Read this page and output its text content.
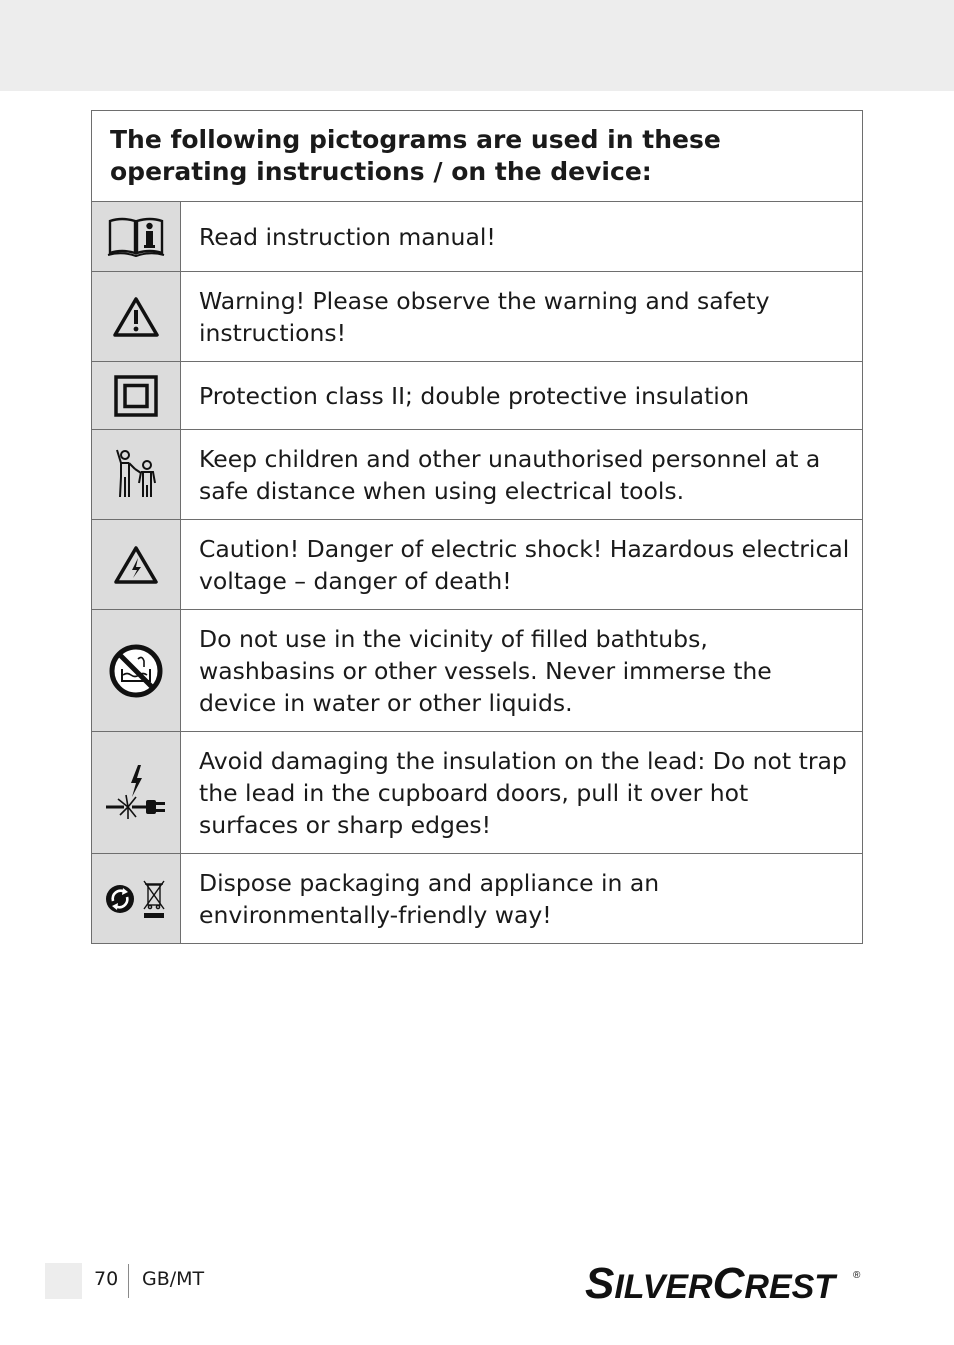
The following pictograms are used in these operating instructions / on the device:	

	Read instruction manual!

	Warning! Please observe the warning and safety instructions!

	Protection class II; double protective insulation

	Keep children and other unauthorised personnel at a safe distance when using electrical tools.

	Caution! Danger of electric shock! Hazardous electrical voltage – danger of death!

	Do not use in the vicinity of filled bathtubs, washbasins or other vessels. Never immerse the device in water or other liquids.

	Avoid damaging the insulation on the lead: Do not trap the lead in the cupboard doors, pull it over hot surfaces or sharp edges!

	Dispose packaging and appliance in an environmentally-friendly way!
70 GB/MT	SILVERCREST	®
